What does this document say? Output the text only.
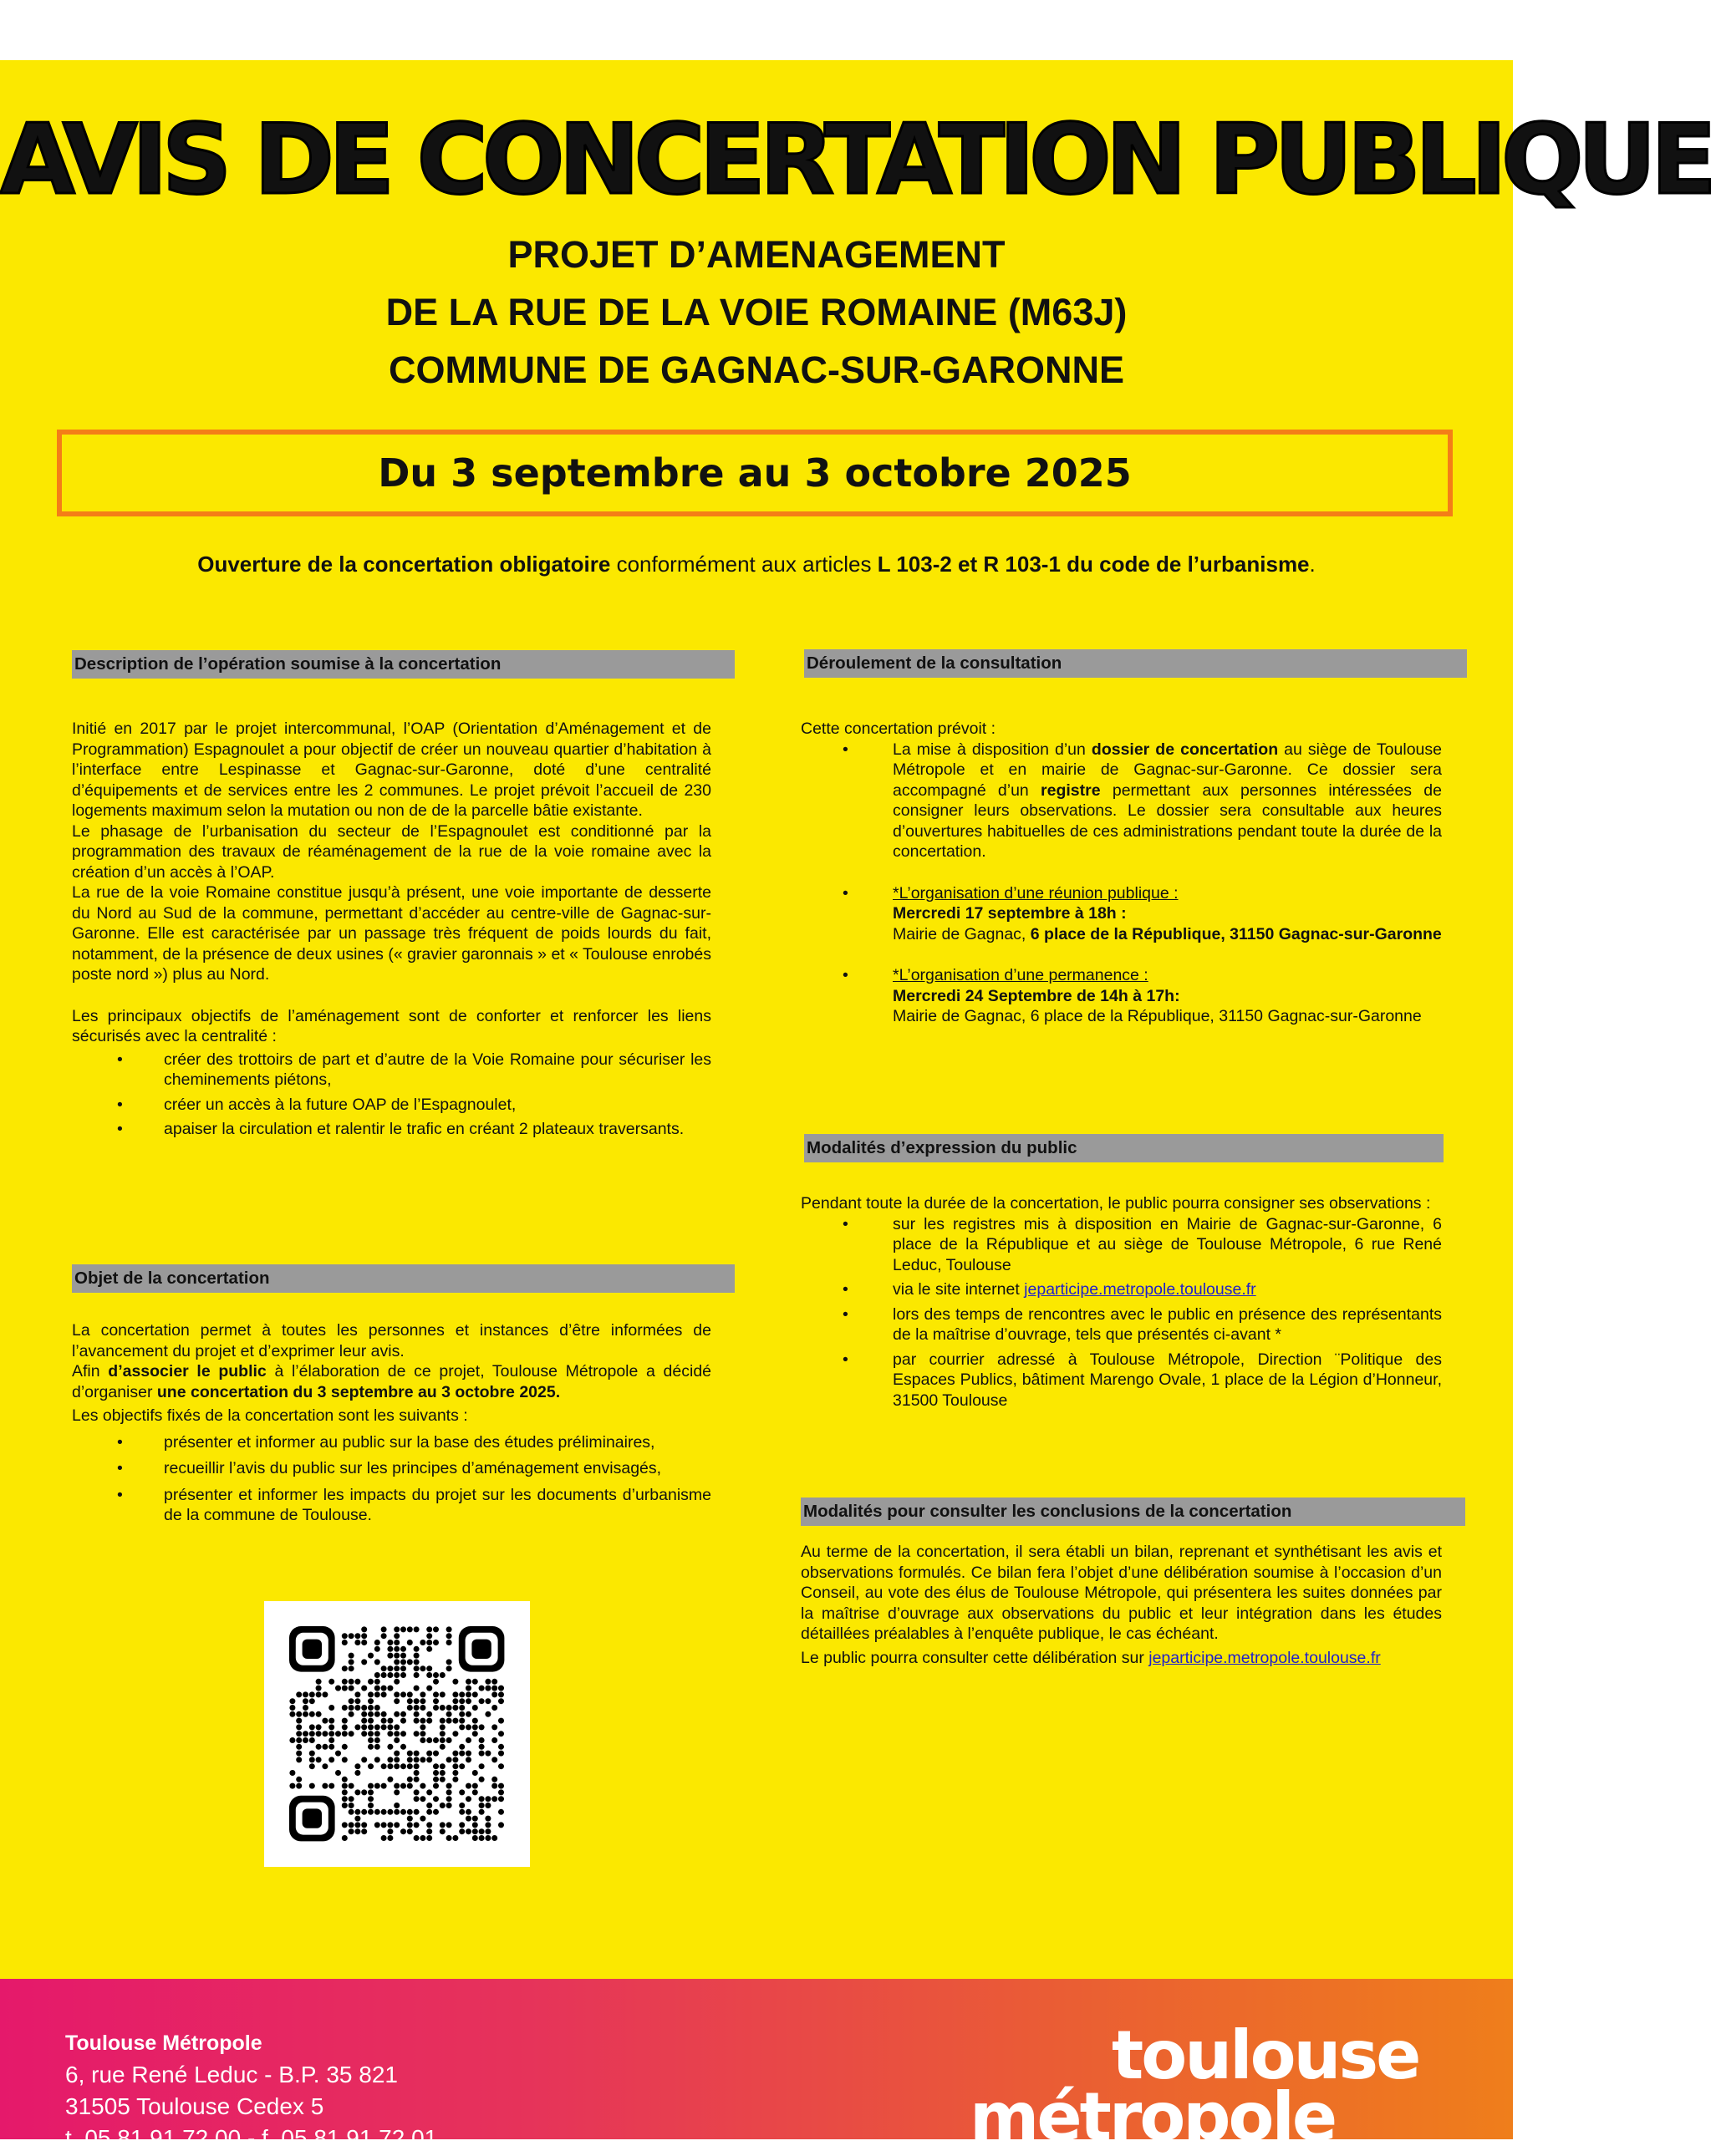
AVIS DE CONCERTATION PUBLIQUE
PROJET D’AMENAGEMENT
DE LA RUE DE LA VOIE ROMAINE (M63J)
COMMUNE DE GAGNAC-SUR-GARONNE
Du 3 septembre au 3 octobre 2025
Ouverture de la concertation obligatoire conformément aux articles L 103-2 et R 103-1 du code de l’urbanisme.
Description de l’opération soumise à la concertation

Initié en 2017 par le projet intercommunal, l’OAP (Orientation d’Aménagement et de Programmation) Espagnoulet a pour objectif de créer un nouveau quartier d’habitation à l’interface entre Lespinasse et Gagnac-sur-Garonne, doté d’une centralité d’équipements et de services entre les 2 communes. Le projet prévoit l’accueil de 230 logements maximum selon la mutation ou non de de la parcelle bâtie existante.

Le phasage de l’urbanisation du secteur de l’Espagnoulet est conditionné par la programmation des travaux de réaménagement de la rue de la voie romaine avec la création d’un accès à l’OAP.

La rue de la voie Romaine constitue jusqu’à présent, une voie importante de desserte du Nord au Sud de la commune, permettant d’accéder au centre-ville de Gagnac-sur-Garonne. Elle est caractérisée par un passage très fréquent de poids lourds du fait, notamment, de la présence de deux usines (« gravier garonnais » et « Toulouse enrobés poste nord ») plus au Nord.

Les principaux objectifs de l’aménagement sont de conforter et renforcer les liens sécurisés avec la centralité :

• créer des trottoirs de part et d’autre de la Voie Romaine pour sécuriser les cheminements piétons,
• créer un accès à la future OAP de l’Espagnoulet,
• apaiser la circulation et ralentir le trafic en créant 2 plateaux traversants.
Objet de la concertation

La concertation permet à toutes les personnes et instances d’être informées de l’avancement du projet et d’exprimer leur avis.

Afin d’associer le public à l’élaboration de ce projet, Toulouse Métropole a décidé d’organiser une concertation du 3 septembre au 3 octobre 2025.

Les objectifs fixés de la concertation sont les suivants :

• présenter et informer au public sur la base des études préliminaires,
• recueillir l’avis du public sur les principes d’aménagement envisagés,
• présenter et informer les impacts du projet sur les documents d’urbanisme de la commune de Toulouse.
Déroulement de la consultation

Cette concertation prévoit :

• La mise à disposition d’un dossier de concertation au siège de Toulouse Métropole et en mairie de Gagnac-sur-Garonne. Ce dossier sera accompagné d’un registre permettant aux personnes intéressées de consigner leurs observations. Le dossier sera consultable aux heures d’ouvertures habituelles de ces administrations pendant toute la durée de la concertation.
• *L’organisation d’une réunion publique :
Mercredi 17 septembre à 18h :
Mairie de Gagnac, 6 place de la République, 31150 Gagnac-sur-Garonne
• *L’organisation d’une permanence :
Mercredi 24 Septembre de 14h à 17h:
Mairie de Gagnac, 6 place de la République, 31150 Gagnac-sur-Garonne
Modalités d’expression du public

Pendant toute la durée de la concertation, le public pourra consigner ses observations :

• sur les registres mis à disposition en Mairie de Gagnac-sur-Garonne, 6 place de la République et au siège de Toulouse Métropole, 6 rue René Leduc, Toulouse
• via le site internet jeparticipe.metropole.toulouse.fr
• lors des temps de rencontres avec le public en présence des représentants de la maîtrise d’ouvrage, tels que présentés ci-avant *
• par courrier adressé à Toulouse Métropole, Direction ¨Politique des Espaces Publics, bâtiment Marengo Ovale, 1 place de la Légion d’Honneur, 31500 Toulouse
Modalités pour consulter les conclusions de la concertation

Au terme de la concertation, il sera établi un bilan, reprenant et synthétisant les avis et observations formulés. Ce bilan fera l’objet d’une délibération soumise à l’occasion d’un Conseil, au vote des élus de Toulouse Métropole, qui présentera les suites données par la maîtrise d’ouvrage aux observations du public et leur intégration dans les études détaillées préalables à l’enquête publique, le cas échéant.

Le public pourra consulter cette délibération sur jeparticipe.metropole.toulouse.fr

Toulouse Métropole
6, rue René Leduc - B.P. 35 821
31505 Toulouse Cedex 5
t. 05 81 91 72 00 - f. 05 81 91 72 01
toulouse
métropole
